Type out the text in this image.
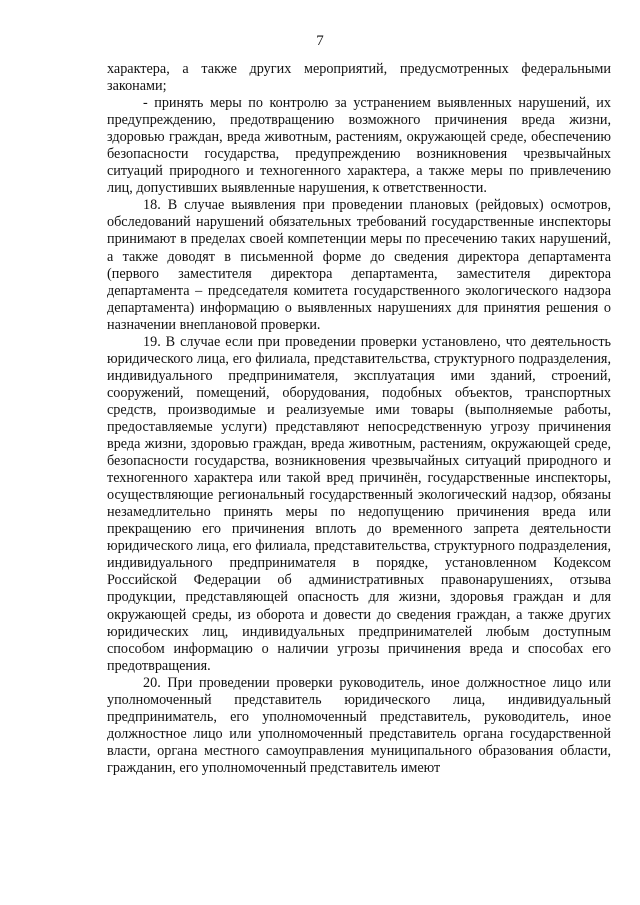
7

характера, а также других мероприятий, предусмотренных федеральными законами;

- принять меры по контролю за устранением выявленных нарушений, их предупреждению, предотвращению возможного причинения вреда жизни, здоровью граждан, вреда животным, растениям, окружающей среде, обеспечению безопасности государства, предупреждению возникновения чрезвычайных ситуаций природного и техногенного характера, а также меры по привлечению лиц, допустивших выявленные нарушения, к ответственности.

18. В случае выявления при проведении плановых (рейдовых) осмотров, обследований нарушений обязательных требований государственные инспекторы принимают в пределах своей компетенции меры по пресечению таких нарушений, а также доводят в письменной форме до сведения директора департамента (первого заместителя директора департамента, заместителя директора департамента – председателя комитета государственного экологического надзора департамента) информацию о выявленных нарушениях для принятия решения о назначении внеплановой проверки.

19. В случае если при проведении проверки установлено, что деятельность юридического лица, его филиала, представительства, структурного подразделения, индивидуального предпринимателя, эксплуатация ими зданий, строений, сооружений, помещений, оборудования, подобных объектов, транспортных средств, производимые и реализуемые ими товары (выполняемые работы, предоставляемые услуги) представляют непосредственную угрозу причинения вреда жизни, здоровью граждан, вреда животным, растениям, окружающей среде, безопасности государства, возникновения чрезвычайных ситуаций природного и техногенного характера или такой вред причинён, государственные инспекторы, осуществляющие региональный государственный экологический надзор, обязаны незамедлительно принять меры по недопущению причинения вреда или прекращению его причинения вплоть до временного запрета деятельности юридического лица, его филиала, представительства, структурного подразделения, индивидуального предпринимателя в порядке, установленном Кодексом Российской Федерации об административных правонарушениях, отзыва продукции, представляющей опасность для жизни, здоровья граждан и для окружающей среды, из оборота и довести до сведения граждан, а также других юридических лиц, индивидуальных предпринимателей любым доступным способом информацию о наличии угрозы причинения вреда и способах его предотвращения.

20. При проведении проверки руководитель, иное должностное лицо или уполномоченный представитель юридического лица, индивидуальный предприниматель, его уполномоченный представитель, руководитель, иное должностное лицо или уполномоченный представитель органа государственной власти, органа местного самоуправления муниципального образования области, гражданин, его уполномоченный представитель имеют
